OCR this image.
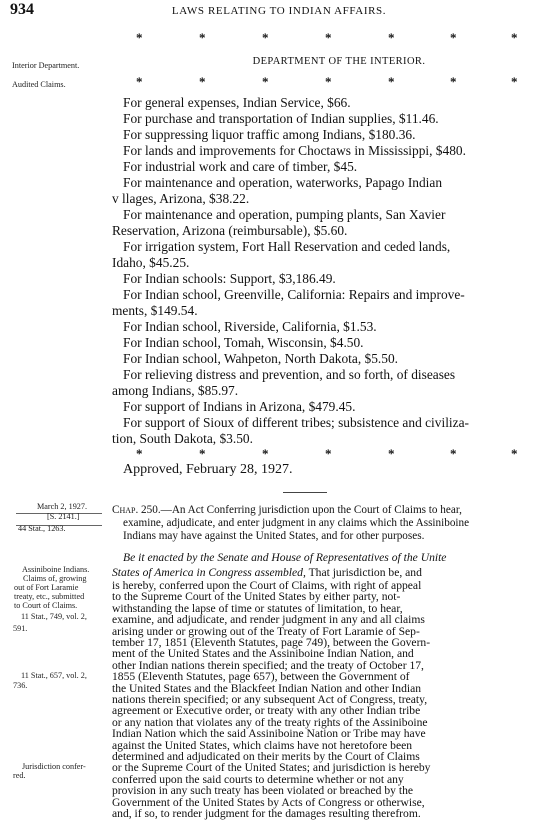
934	LAWS RELATING TO INDIAN AFFAIRS.
*	*	*	*	*	*	*
Interior Department.
Audited Claims.
DEPARTMENT OF THE INTERIOR.
*	*	*	*	*	*	*
For general expenses, Indian Service, $66.
For purchase and transportation of Indian supplies, $11.46.
For suppressing liquor traffic among Indians, $180.36.
For lands and improvements for Choctaws in Mississippi, $480.
For industrial work and care of timber, $45.
For maintenance and operation, waterworks, Papago Indian
v llages, Arizona, $38.22.
For maintenance and operation, pumping plants, San Xavier
Reservation, Arizona (reimbursable), $5.60.
For irrigation system, Fort Hall Reservation and ceded lands,
Idaho, $45.25.
For Indian schools: Support, $3,186.49.
For Indian school, Greenville, California: Repairs and improve-
ments, $149.54.
For Indian school, Riverside, California, $1.53.
For Indian school, Tomah, Wisconsin, $4.50.
For Indian school, Wahpeton, North Dakota, $5.50.
For relieving distress and prevention, and so forth, of diseases
among Indians, $85.97.
For support of Indians in Arizona, $479.45.
For support of Sioux of different tribes; subsistence and civiliza-
tion, South Dakota, $3.50.
*	*	*	*	*	*	*
Approved, February 28, 1927.
March 2, 1927.
[S. 2141.]
44 Stat., 1263.
Chap. 250.—An Act Conferring jurisdiction upon the Court of Claims to hear,
examine, adjudicate, and enter judgment in any claims which the Assiniboine
Indians may have against the United States, and for other purposes.
Assiniboine Indians.
Claims of, growing
out of Fort Laramie
treaty, etc., submitted
to Court of Claims.
11 Stat., 749, vol. 2,
591.
11 Stat., 657, vol. 2,
736.
Jurisdiction confer-
red.
Be it enacted by the Senate and House of Representatives of the Unite
States of America in Congress assembled, That jurisdiction be, and
is hereby, conferred upon the Court of Claims, with right of appeal
to the Supreme Court of the United States by either party, not-
withstanding the lapse of time or statutes of limitation, to hear,
examine, and adjudicate, and render judgment in any and all claims
arising under or growing out of the Treaty of Fort Laramie of Sep-
tember 17, 1851 (Eleventh Statutes, page 749), between the Govern-
ment of the United States and the Assiniboine Indian Nation, and
other Indian nations therein specified; and the treaty of October 17,
1855 (Eleventh Statutes, page 657), between the Government of
the United States and the Blackfeet Indian Nation and other Indian
nations therein specified; or any subsequent Act of Congress, treaty,
agreement or Executive order, or treaty with any other Indian tribe
or any nation that violates any of the treaty rights of the Assiniboine
Indian Nation which the said Assiniboine Nation or Tribe may have
against the United States, which claims have not heretofore been
determined and adjudicated on their merits by the Court of Claims
or the Supreme Court of the United States; and jurisdiction is hereby
conferred upon the said courts to determine whether or not any
provision in any such treaty has been violated or breached by the
Government of the United States by Acts of Congress or otherwise,
and, if so, to render judgment for the damages resulting therefrom.
